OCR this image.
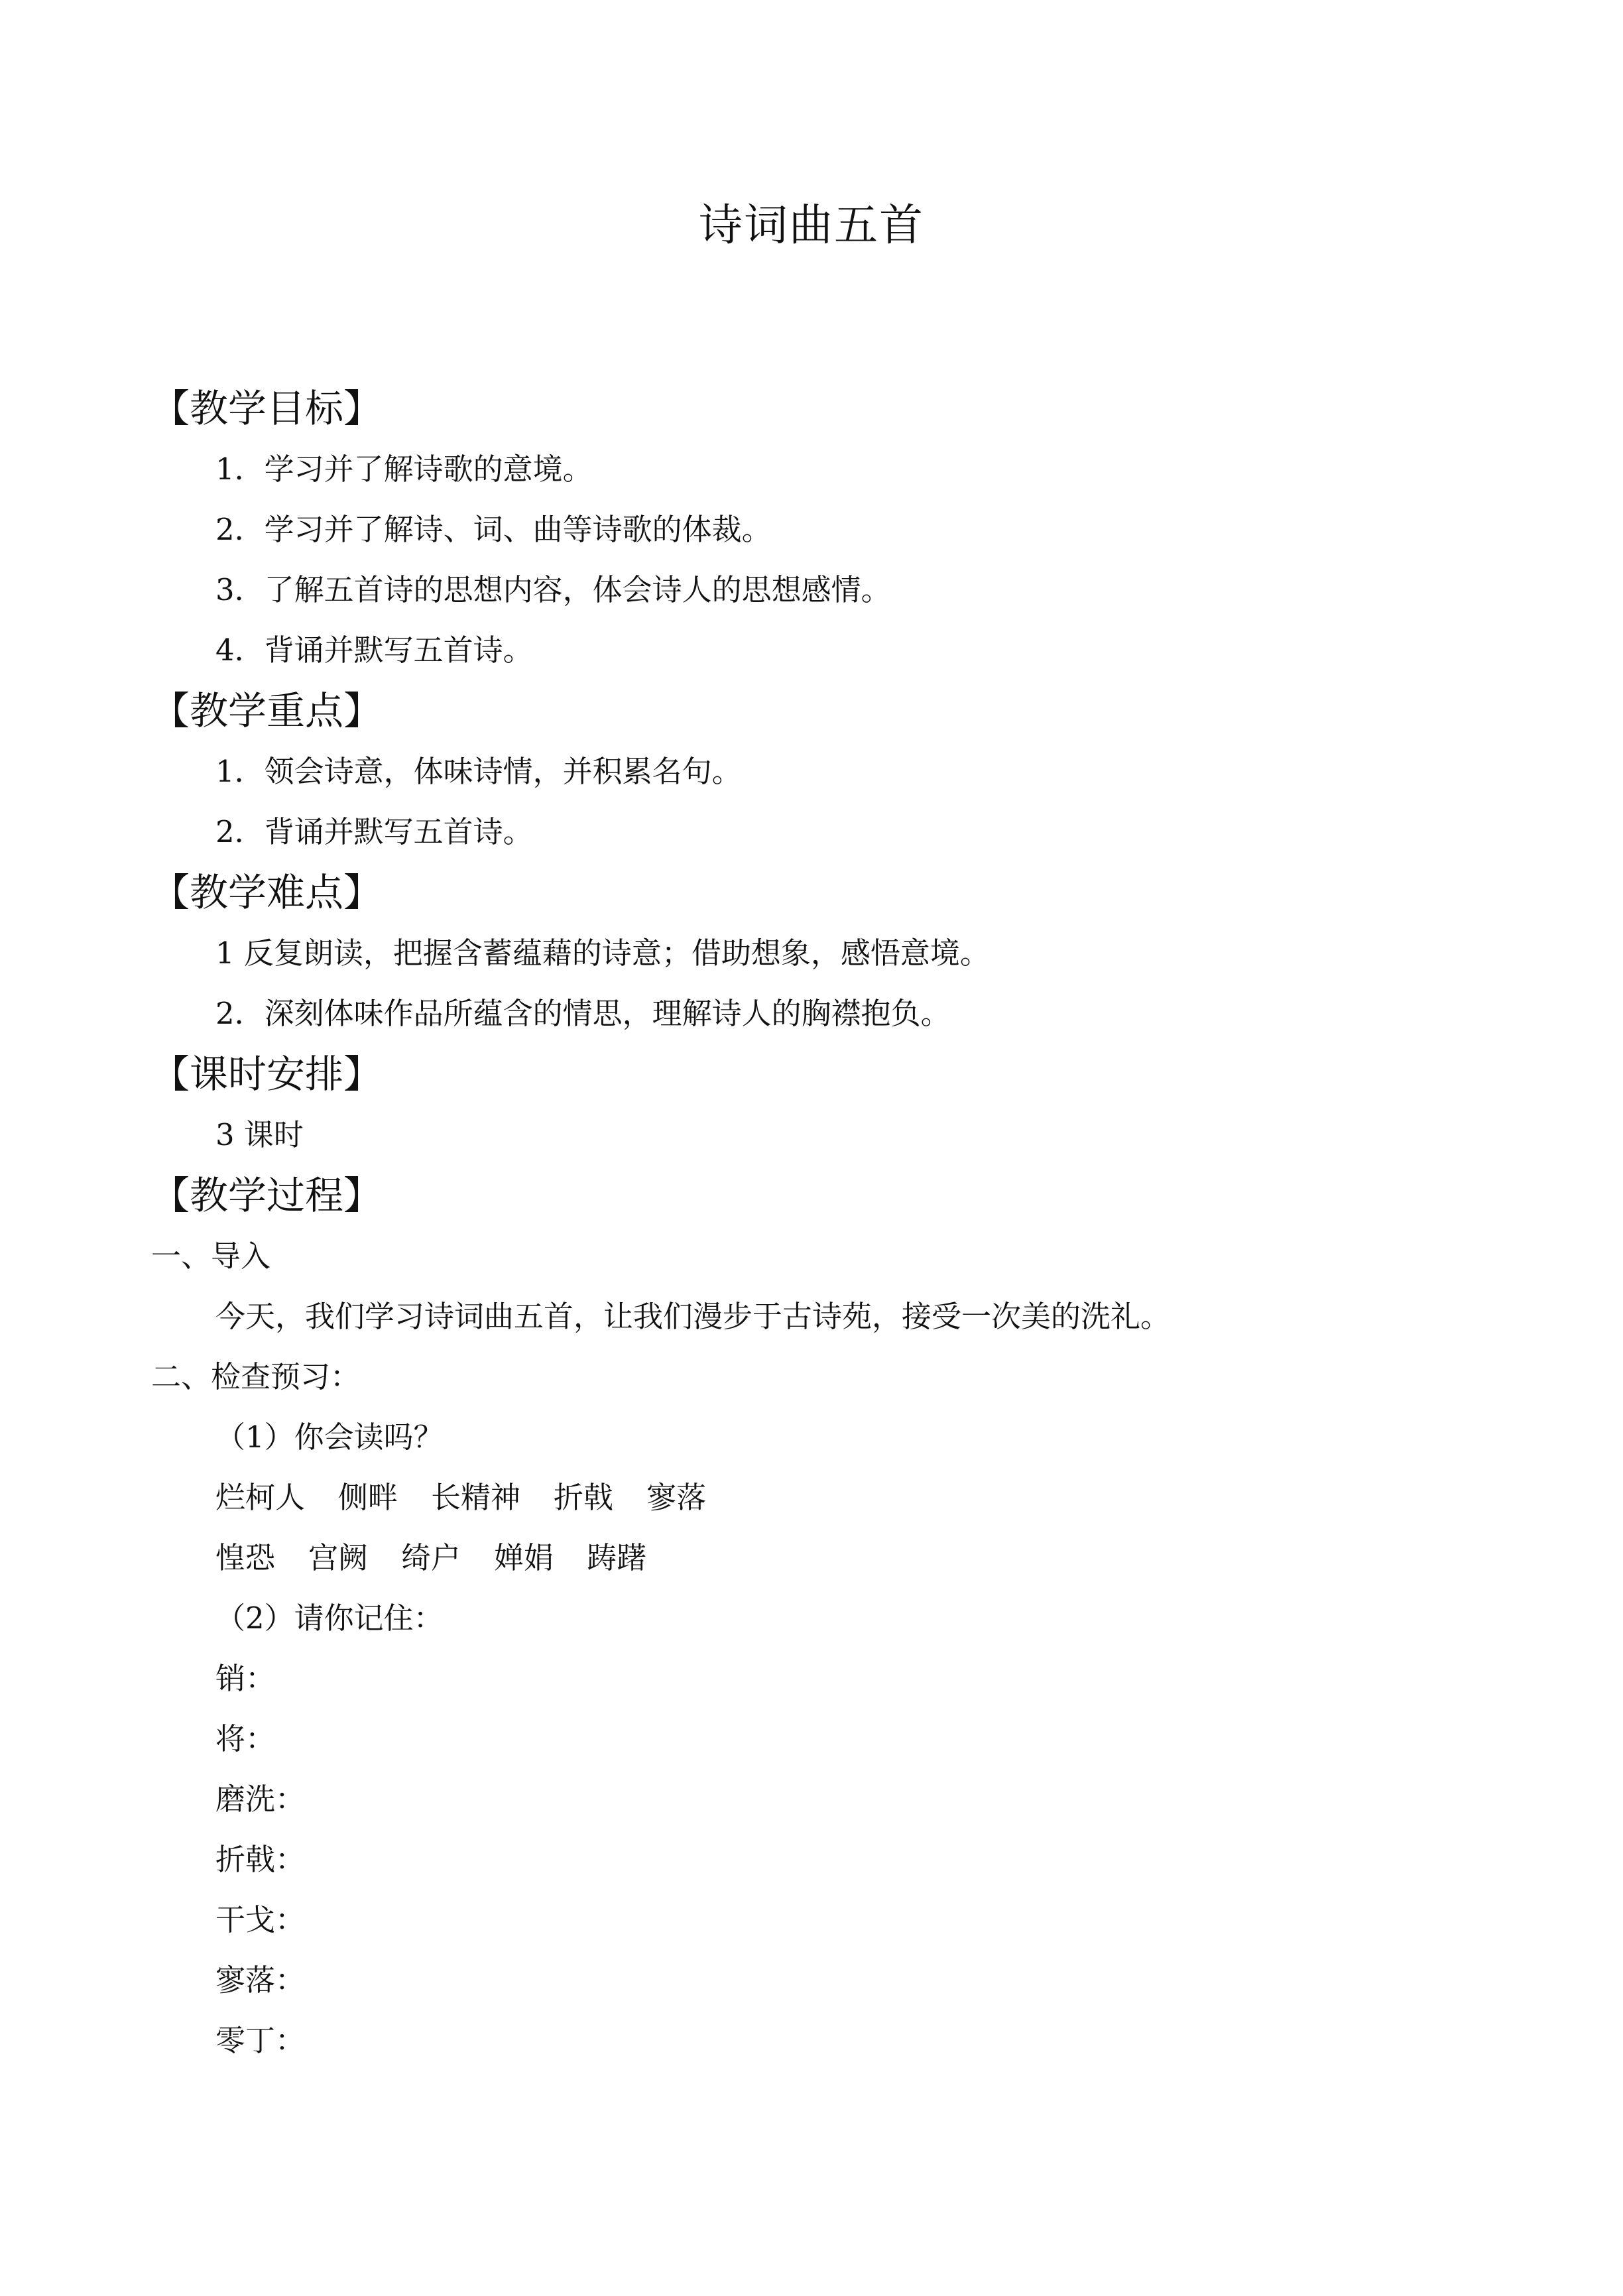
诗词曲五首
【教学目标】
1．学习并了解诗歌的意境。
2．学习并了解诗、词、曲等诗歌的体裁。
3．了解五首诗的思想内容，体会诗人的思想感情。
4．背诵并默写五首诗。
【教学重点】
1．领会诗意，体味诗情，并积累名句。
2．背诵并默写五首诗。
【教学难点】
1 反复朗读，把握含蓄蕴藉的诗意；借助想象，感悟意境。
2．深刻体味作品所蕴含的情思，理解诗人的胸襟抱负。
【课时安排】
3 课时
【教学过程】
一、导入
今天，我们学习诗词曲五首，让我们漫步于古诗苑，接受一次美的洗礼。
二、检查预习：
（1）你会读吗？
烂柯人 侧畔 长精神 折戟 寥落
惶恐 宫阙 绮户 婵娟 踌躇
（2）请你记住：
销：
将：
磨洗：
折戟：
干戈：
寥落：
零丁：
